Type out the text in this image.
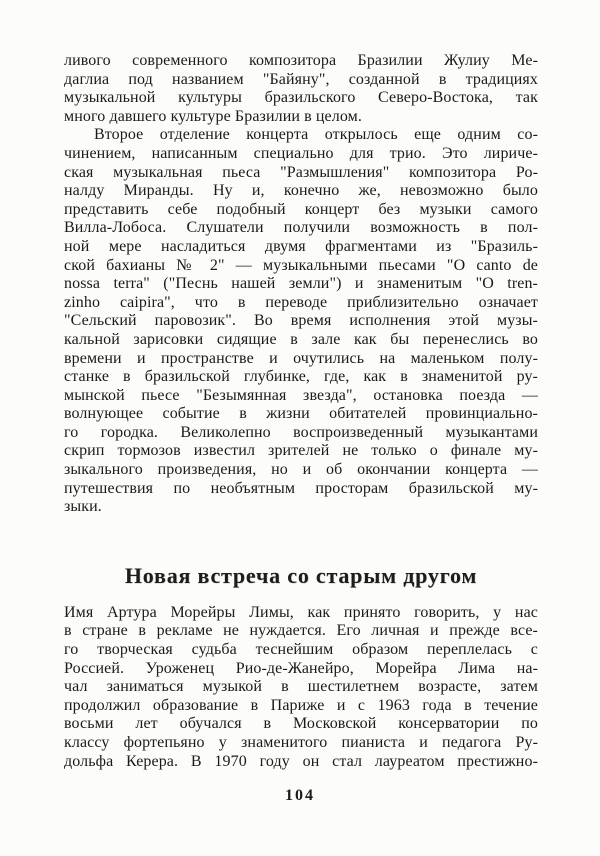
ливого современного композитора Бразилии Жулиу Ме-
даглиа под названием "Байяну", созданной в традициях
музыкальной культуры бразильского Северо-Востока, так
много давшего культуре Бразилии в целом.
Второе отделение концерта открылось еще одним со-
чинением, написанным специально для трио. Это лириче-
ская музыкальная пьеса "Размышления" композитора Ро-
налду Миранды. Ну и, конечно же, невозможно было
представить себе подобный концерт без музыки самого
Вилла-Лобоса. Слушатели получили возможность в пол-
ной мере насладиться двумя фрагментами из "Бразиль-
ской бахианы № 2" — музыкальными пьесами "O canto de
nossa terra" ("Песнь нашей земли") и знаменитым "O tren-
zinho caipira", что в переводе приблизительно означает
"Сельский паровозик". Во время исполнения этой музы-
кальной зарисовки сидящие в зале как бы перенеслись во
времени и пространстве и очутились на маленьком полу-
станке в бразильской глубинке, где, как в знаменитой ру-
мынской пьесе "Безымянная звезда", остановка поезда —
волнующее событие в жизни обитателей провинциально-
го городка. Великолепно воспроизведенный музыкантами
скрип тормозов известил зрителей не только о финале му-
зыкального произведения, но и об окончании концерта —
путешествия по необъятным просторам бразильской му-
зыки.
Новая встреча со старым другом
Имя Артура Морейры Лимы, как принято говорить, у нас
в стране в рекламе не нуждается. Его личная и прежде все-
го творческая судьба теснейшим образом переплелась с
Россией. Уроженец Рио-де-Жанейро, Морейра Лима на-
чал заниматься музыкой в шестилетнем возрасте, затем
продолжил образование в Париже и с 1963 года в течение
восьми лет обучался в Московской консерватории по
классу фортепьяно у знаменитого пианиста и педагога Ру-
дольфа Керера. В 1970 году он стал лауреатом престижно-
104
